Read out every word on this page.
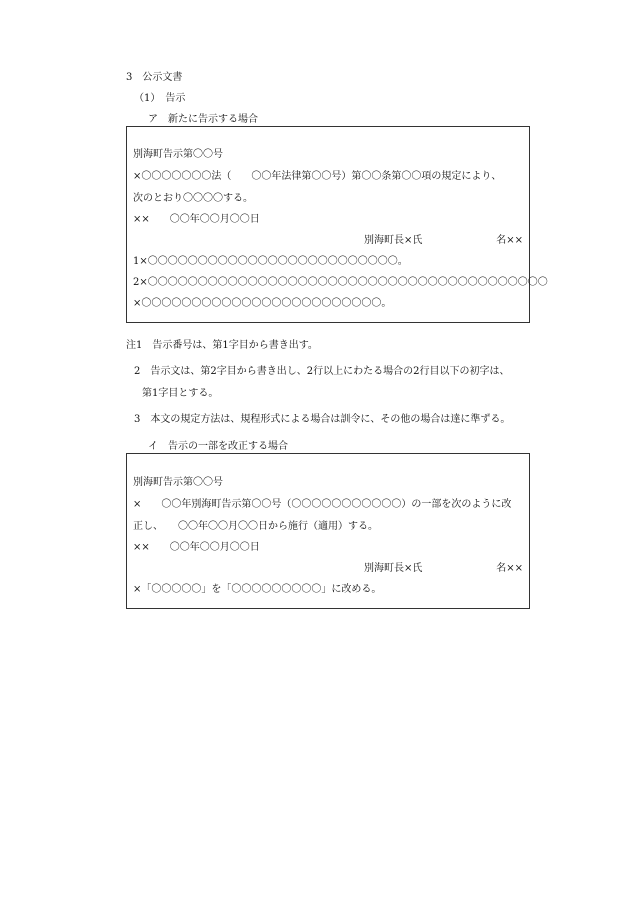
3　公示文書
（1）　告示
ア　新たに告示する場合
別海町告示第〇〇号
×〇〇〇〇〇〇〇法（　　〇〇年法律第〇〇号）第〇〇条第〇〇項の規定により、
次のとおり〇〇〇〇する。
××　　〇〇年〇〇月〇〇日
別海町長×氏	名××
1×〇〇〇〇〇〇〇〇〇〇〇〇〇〇〇〇〇〇〇〇〇〇〇〇〇。
2×〇〇〇〇〇〇〇〇〇〇〇〇〇〇〇〇〇〇〇〇〇〇〇〇〇〇〇〇〇〇〇〇〇〇〇〇〇〇〇〇
×〇〇〇〇〇〇〇〇〇〇〇〇〇〇〇〇〇〇〇〇〇〇〇〇。
注1　告示番号は、第1字目から書き出す。
2　告示文は、第2字目から書き出し、2行以上にわたる場合の2行目以下の初字は、
第1字目とする。
3　本文の規定方法は、規程形式による場合は訓令に、その他の場合は達に準ずる。
イ　告示の一部を改正する場合
別海町告示第〇〇号
×　　〇〇年別海町告示第〇〇号（〇〇〇〇〇〇〇〇〇〇〇）の一部を次のように改
正し、　　〇〇年〇〇月〇〇日から施行（適用）する。
××　　〇〇年〇〇月〇〇日
別海町長×氏	名××
×「〇〇〇〇〇」を「〇〇〇〇〇〇〇〇〇」に改める。
